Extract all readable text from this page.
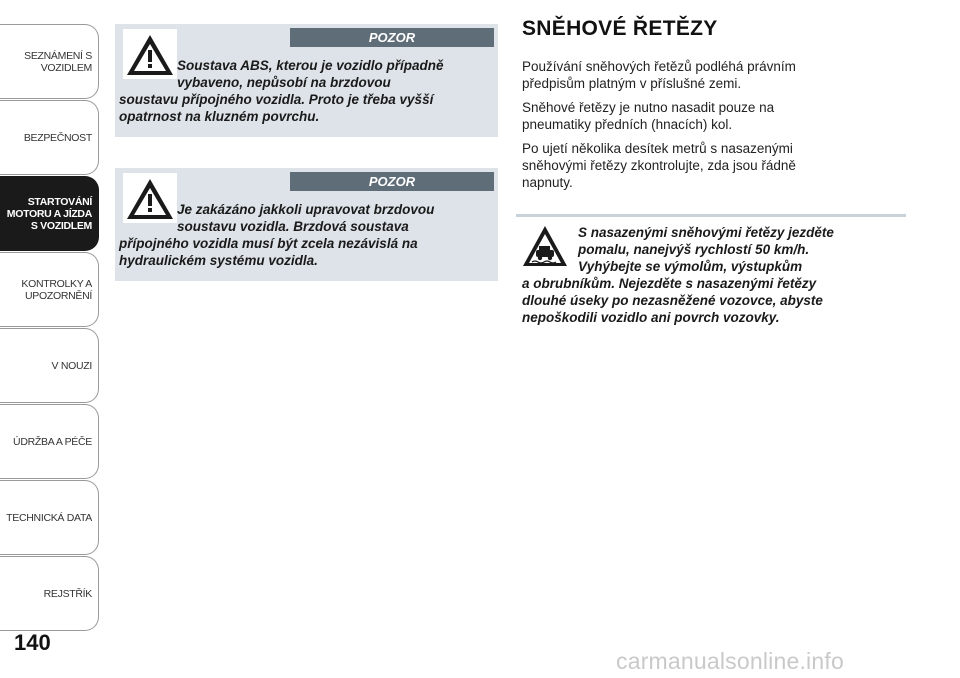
SEZNÁMENÍ S VOZIDLEM
BEZPEČNOST
STARTOVÁNÍ MOTORU A JÍZDA S VOZIDLEM
KONTROLKY A UPOZORNĚNÍ
V NOUZI
ÚDRŽBA A PÉČE
TECHNICKÁ DATA
REJSTŘÍK
140
POZOR
Soustava ABS, kterou je vozidlo případně
vybaveno, nepůsobí na brzdovou
soustavu přípojného vozidla. Proto je třeba vyšší
opatrnost na kluzném povrchu.
POZOR
Je zakázáno jakkoli upravovat brzdovou
soustavu vozidla. Brzdová soustava
přípojného vozidla musí být zcela nezávislá na
hydraulickém systému vozidla.
SNĚHOVÉ ŘETĚZY
Používání sněhových řetězů podléhá právním
předpisům platným v příslušné zemi.
Sněhové řetězy je nutno nasadit pouze na
pneumatiky předních (hnacích) kol.
Po ujetí několika desítek metrů s nasazenými
sněhovými řetězy zkontrolujte, zda jsou řádně
napnuty.
S nasazenými sněhovými řetězy jezděte
pomalu, nanejvýš rychlostí 50 km/h.
Vyhýbejte se výmolům, výstupkům
a obrubníkům. Nejezděte s nasazenými řetězy
dlouhé úseky po nezasněžené vozovce, abyste
nepoškodili vozidlo ani povrch vozovky.
carmanualsonline.info
